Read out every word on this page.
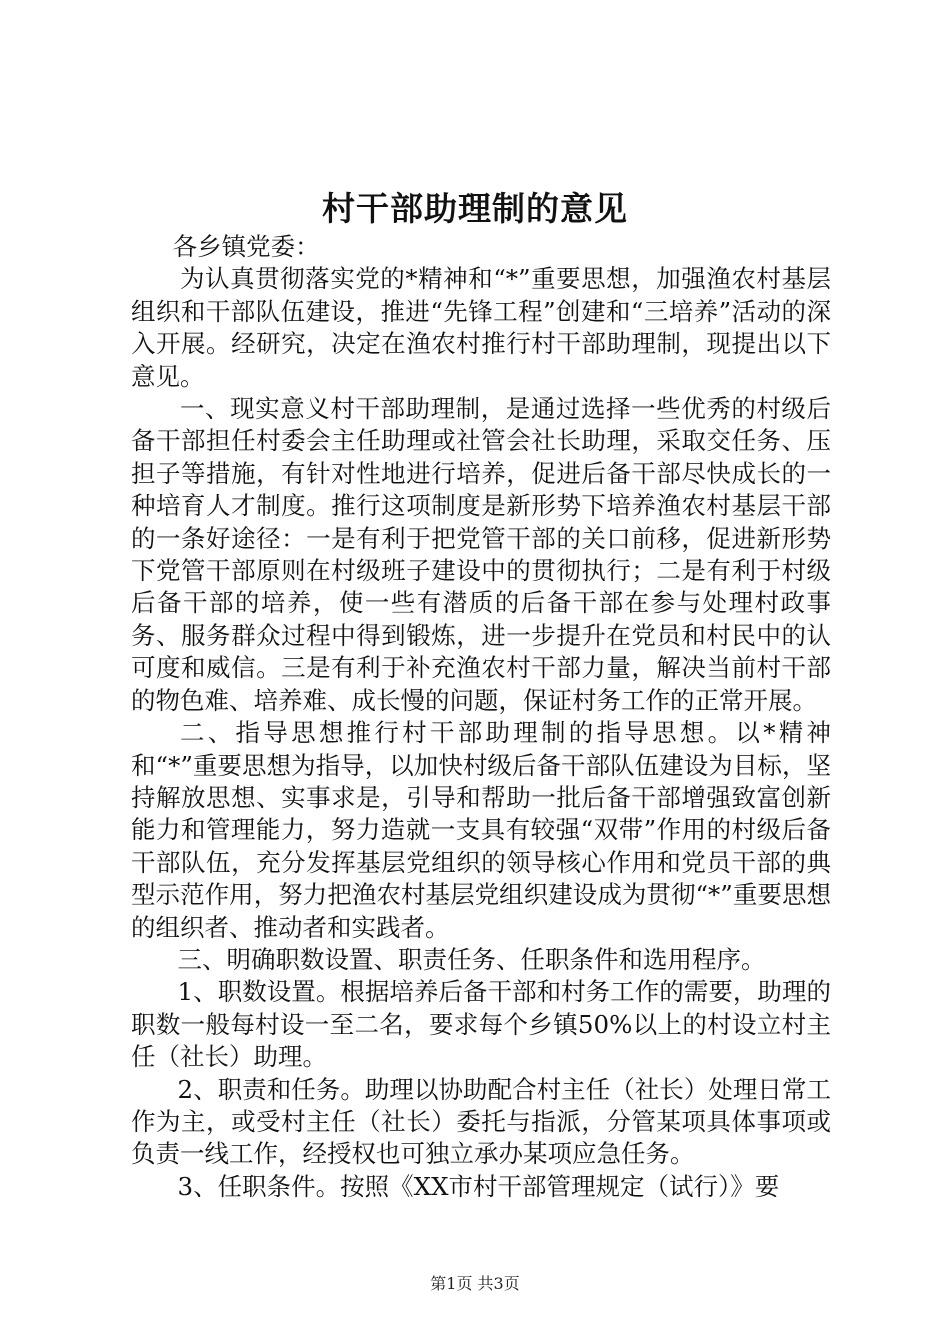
村干部助理制的意见

各乡镇党委：

为认真贯彻落实党的*精神和“*”重要思想，加强渔农村基层组织和干部队伍建设，推进“先锋工程”创建和“三培养”活动的深入开展。经研究，决定在渔农村推行村干部助理制，现提出以下意见。

一、现实意义村干部助理制，是通过选择一些优秀的村级后备干部担任村委会主任助理或社管会社长助理，采取交任务、压担子等措施，有针对性地进行培养，促进后备干部尽快成长的一种培育人才制度。推行这项制度是新形势下培养渔农村基层干部的一条好途径：一是有利于把党管干部的关口前移，促进新形势下党管干部原则在村级班子建设中的贯彻执行；二是有利于村级后备干部的培养，使一些有潜质的后备干部在参与处理村政事务、服务群众过程中得到锻炼，进一步提升在党员和村民中的认可度和威信。三是有利于补充渔农村干部力量，解决当前村干部的物色难、培养难、成长慢的问题，保证村务工作的正常开展。

二、指导思想推行村干部助理制的指导思想。以*精神和“*”重要思想为指导，以加快村级后备干部队伍建设为目标，坚持解放思想、实事求是，引导和帮助一批后备干部增强致富创新能力和管理能力，努力造就一支具有较强“双带”作用的村级后备干部队伍，充分发挥基层党组织的领导核心作用和党员干部的典型示范作用，努力把渔农村基层党组织建设成为贯彻“*”重要思想的组织者、推动者和实践者。

三、明确职数设置、职责任务、任职条件和选用程序。

1、职数设置。根据培养后备干部和村务工作的需要，助理的职数一般每村设一至二名，要求每个乡镇50%以上的村设立村主任（社长）助理。

2、职责和任务。助理以协助配合村主任（社长）处理日常工作为主，或受村主任（社长）委托与指派，分管某项具体事项或负责一线工作，经授权也可独立承办某项应急任务。

3、任职条件。按照《XX市村干部管理规定（试行）》要

第1页 共3页
